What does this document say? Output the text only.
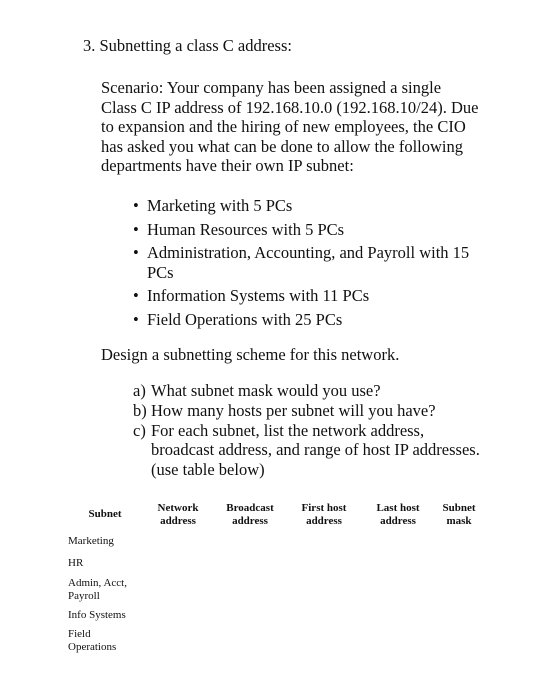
3. Subnetting a class C address:
Scenario: Your company has been assigned a single
Class C IP address of 192.168.10.0 (192.168.10/24). Due
to expansion and the hiring of new employees, the CIO
has asked you what can be done to allow the following
departments have their own IP subnet:
• Marketing with 5 PCs
• Human Resources with 5 PCs
• Administration, Accounting, and Payroll with 15
PCs
• Information Systems with 11 PCs
• Field Operations with 25 PCs
Design a subnetting scheme for this network.
a) What subnet mask would you use?
b) How many hosts per subnet will you have?
c) For each subnet, list the network address,
broadcast address, and range of host IP addresses.
(use table below)
Subnet	Network
address
Broadcast
address
First host
address
Last host
address
Subnet
mask
Marketing
HR
Admin, Acct,
Payroll
Info Systems
Field
Operations
